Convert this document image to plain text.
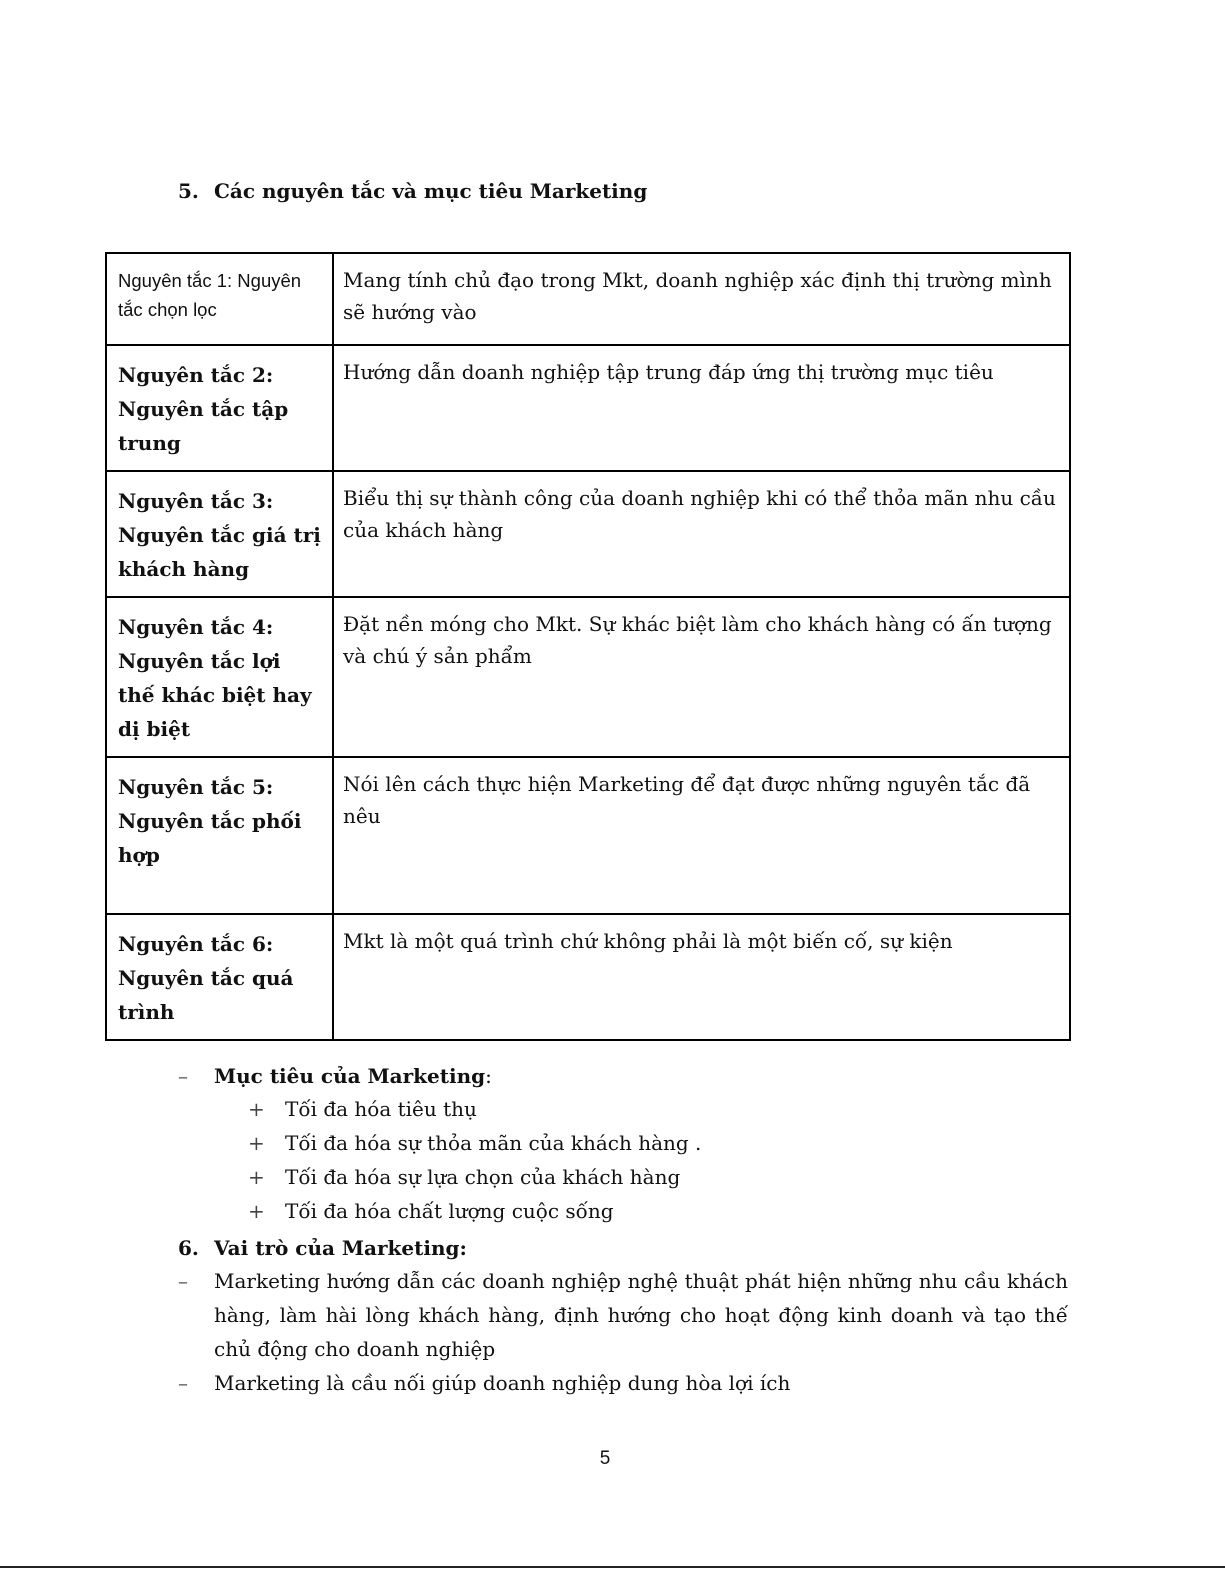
5. Các nguyên tắc và mục tiêu Marketing
Nguyên tắc 1: Nguyên tắc chọn lọc	Mang tính chủ đạo trong Mkt, doanh nghiệp xác định thị trường mình sẽ hướng vào
Nguyên tắc 2: Nguyên tắc tập trung	Hướng dẫn doanh nghiệp tập trung đáp ứng thị trường mục tiêu
Nguyên tắc 3: Nguyên tắc giá trị khách hàng	Biểu thị sự thành công của doanh nghiệp khi có thể thỏa mãn nhu cầu của khách hàng
Nguyên tắc 4: Nguyên tắc lợi thế khác biệt hay dị biệt	Đặt nền móng cho Mkt. Sự khác biệt làm cho khách hàng có ấn tượng và chú ý sản phẩm
Nguyên tắc 5: Nguyên tắc phối hợp	Nói lên cách thực hiện Marketing để đạt được những nguyên tắc đã nêu
Nguyên tắc 6: Nguyên tắc quá trình	Mkt là một quá trình chứ không phải là một biến cố, sự kiện
– Mục tiêu của Marketing:
+ Tối đa hóa tiêu thụ
+ Tối đa hóa sự thỏa mãn của khách hàng .
+ Tối đa hóa sự lựa chọn của khách hàng
+ Tối đa hóa chất lượng cuộc sống
6. Vai trò của Marketing:
– Marketing hướng dẫn các doanh nghiệp nghệ thuật phát hiện những nhu cầu khách hàng, làm hài lòng khách hàng, định hướng cho hoạt động kinh doanh và tạo thế chủ động cho doanh nghiệp
– Marketing là cầu nối giúp doanh nghiệp dung hòa lợi ích
5
